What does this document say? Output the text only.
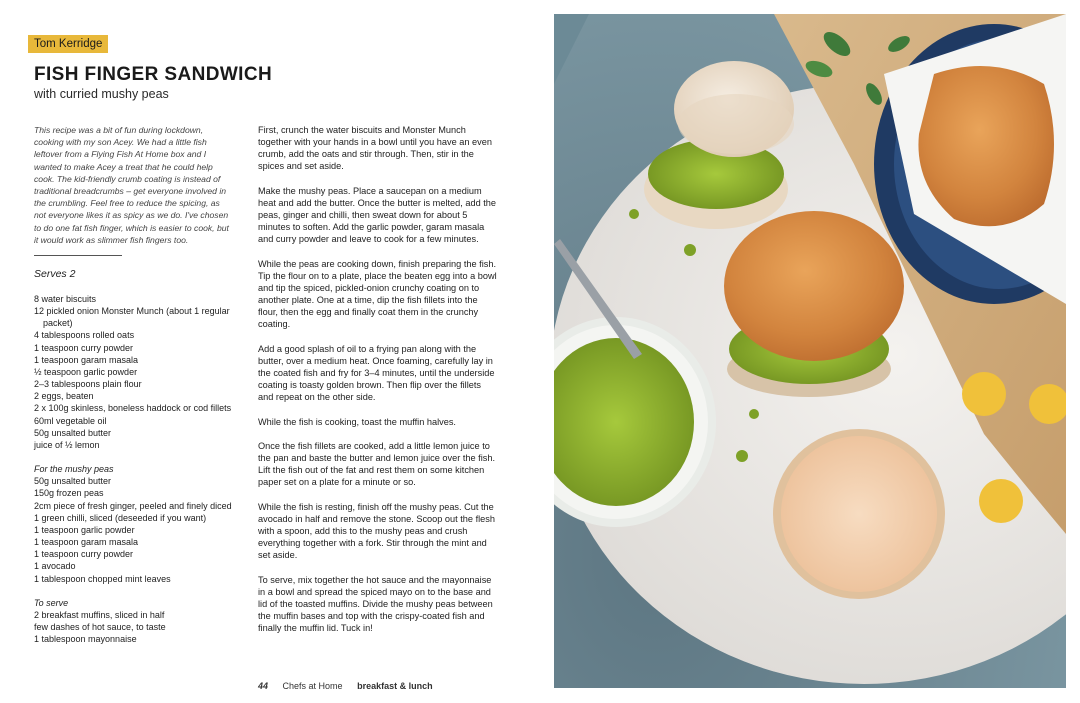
Tom Kerridge
FISH FINGER SANDWICH

with curried mushy peas

This recipe was a bit of fun during lockdown, cooking with my son Acey. We had a little fish leftover from a Flying Fish At Home box and I wanted to make Acey a treat that he could help cook. The kid-friendly crumb coating is instead of traditional breadcrumbs – get everyone involved in the crumbling. Feel free to reduce the spicing, as not everyone likes it as spicy as we do. I've chosen to do one fat fish finger, which is easier to cook, but it would work as slimmer fish fingers too.

Serves 2

8 water biscuits
12 pickled onion Monster Munch (about 1 regular packet)
4 tablespoons rolled oats
1 teaspoon curry powder
1 teaspoon garam masala
½ teaspoon garlic powder
2–3 tablespoons plain flour
2 eggs, beaten
2 x 100g skinless, boneless haddock or cod fillets
60ml vegetable oil
50g unsalted butter
juice of ½ lemon

For the mushy peas

50g unsalted butter
150g frozen peas
2cm piece of fresh ginger, peeled and finely diced
1 green chilli, sliced (deseeded if you want)
1 teaspoon garlic powder
1 teaspoon garam masala
1 teaspoon curry powder
1 avocado
1 tablespoon chopped mint leaves

To serve

2 breakfast muffins, sliced in half
few dashes of hot sauce, to taste
1 tablespoon mayonnaise

First, crunch the water biscuits and Monster Munch together with your hands in a bowl until you have an even crumb, add the oats and stir through. Then, stir in the spices and set aside.

Make the mushy peas. Place a saucepan on a medium heat and add the butter. Once the butter is melted, add the peas, ginger and chilli, then sweat down for about 5 minutes to soften. Add the garlic powder, garam masala and curry powder and leave to cook for a few minutes.

While the peas are cooking down, finish preparing the fish. Tip the flour on to a plate, place the beaten egg into a bowl and tip the spiced, pickled-onion crunchy coating on to another plate. One at a time, dip the fish fillets into the flour, then the egg and finally coat them in the crunchy coating.

Add a good splash of oil to a frying pan along with the butter, over a medium heat. Once foaming, carefully lay in the coated fish and fry for 3–4 minutes, until the underside coating is toasty golden brown. Then flip over the fillets and repeat on the other side.

While the fish is cooking, toast the muffin halves.

Once the fish fillets are cooked, add a little lemon juice to the pan and baste the butter and lemon juice over the fish. Lift the fish out of the fat and rest them on some kitchen paper set on a plate for a minute or so.

While the fish is resting, finish off the mushy peas. Cut the avocado in half and remove the stone. Scoop out the flesh with a spoon, add this to the mushy peas and crush everything together with a fork. Stir through the mint and set aside.

To serve, mix together the hot sauce and the mayonnaise in a bowl and spread the spiced mayo on to the base and lid of the toasted muffins. Divide the mushy peas between the muffin bases and top with the crispy-coated fish and finally the muffin lid. Tuck in!

44 Chefs at Home breakfast & lunch
